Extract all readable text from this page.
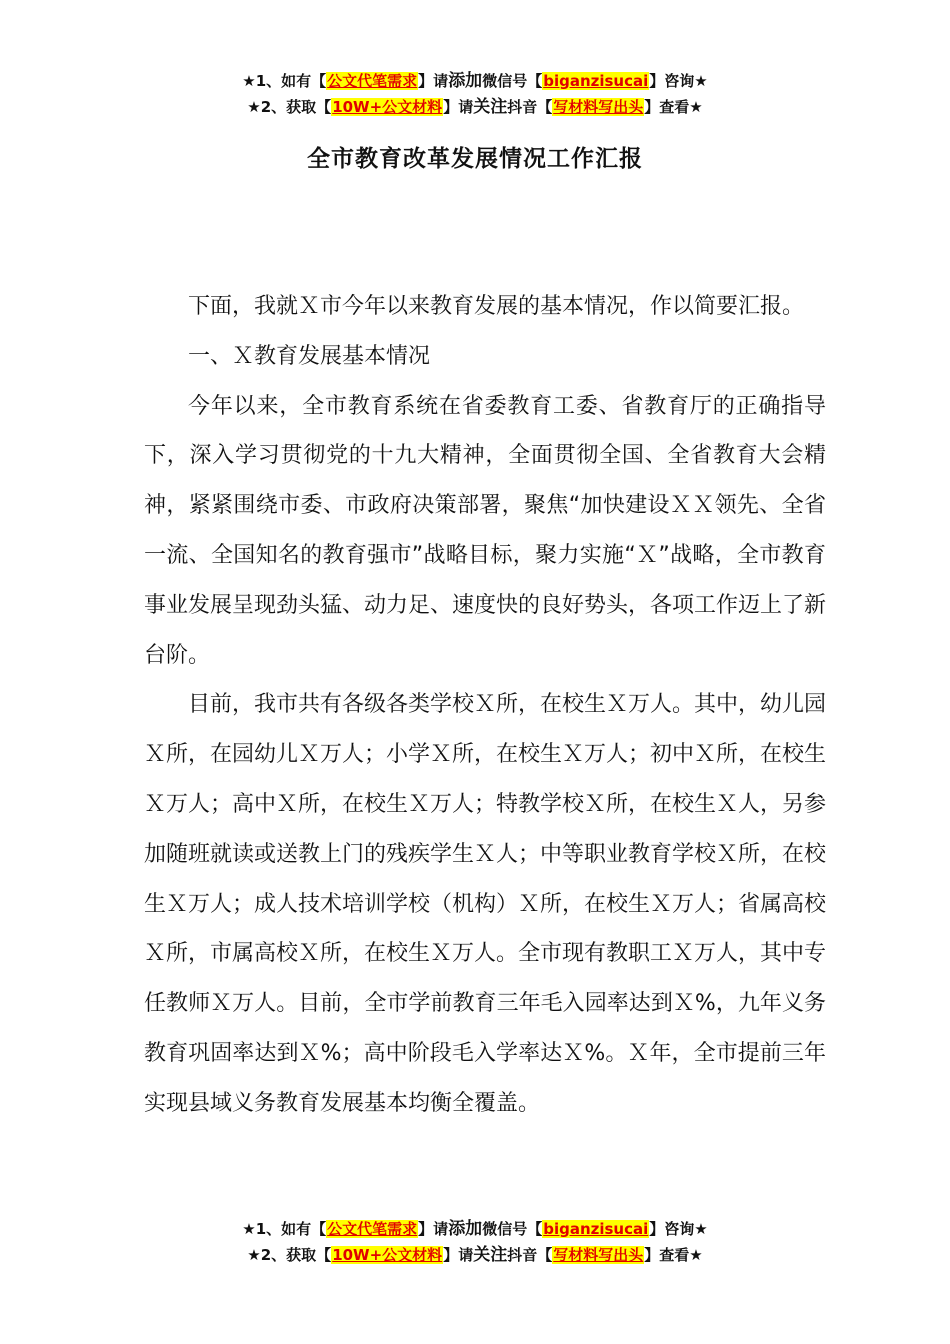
★1、如有【公文代笔需求】请添加微信号【biganzisucai】咨询★
★2、获取【10W+公文材料】请关注抖音【写材料写出头】查看★
全市教育改革发展情况工作汇报

下面，我就Ｘ市今年以来教育发展的基本情况，作以简要汇报。

一、Ｘ教育发展基本情况

今年以来，全市教育系统在省委教育工委、省教育厅的正确指导下，深入学习贯彻党的十九大精神，全面贯彻全国、全省教育大会精神，紧紧围绕市委、市政府决策部署，聚焦“加快建设ＸＸ领先、全省一流、全国知名的教育强市”战略目标，聚力实施“Ｘ”战略，全市教育事业发展呈现劲头猛、动力足、速度快的良好势头，各项工作迈上了新台阶。

目前，我市共有各级各类学校Ｘ所，在校生Ｘ万人。其中，幼儿园Ｘ所，在园幼儿Ｘ万人；小学Ｘ所，在校生Ｘ万人；初中Ｘ所，在校生Ｘ万人；高中Ｘ所，在校生Ｘ万人；特教学校Ｘ所，在校生Ｘ人，另参加随班就读或送教上门的残疾学生Ｘ人；中等职业教育学校Ｘ所，在校生Ｘ万人；成人技术培训学校（机构）Ｘ所，在校生Ｘ万人；省属高校Ｘ所，市属高校Ｘ所，在校生Ｘ万人。全市现有教职工Ｘ万人，其中专任教师Ｘ万人。目前，全市学前教育三年毛入园率达到Ｘ%，九年义务教育巩固率达到Ｘ%；高中阶段毛入学率达Ｘ%。Ｘ年，全市提前三年实现县域义务教育发展基本均衡全覆盖。

★1、如有【公文代笔需求】请添加微信号【biganzisucai】咨询★
★2、获取【10W+公文材料】请关注抖音【写材料写出头】查看★
